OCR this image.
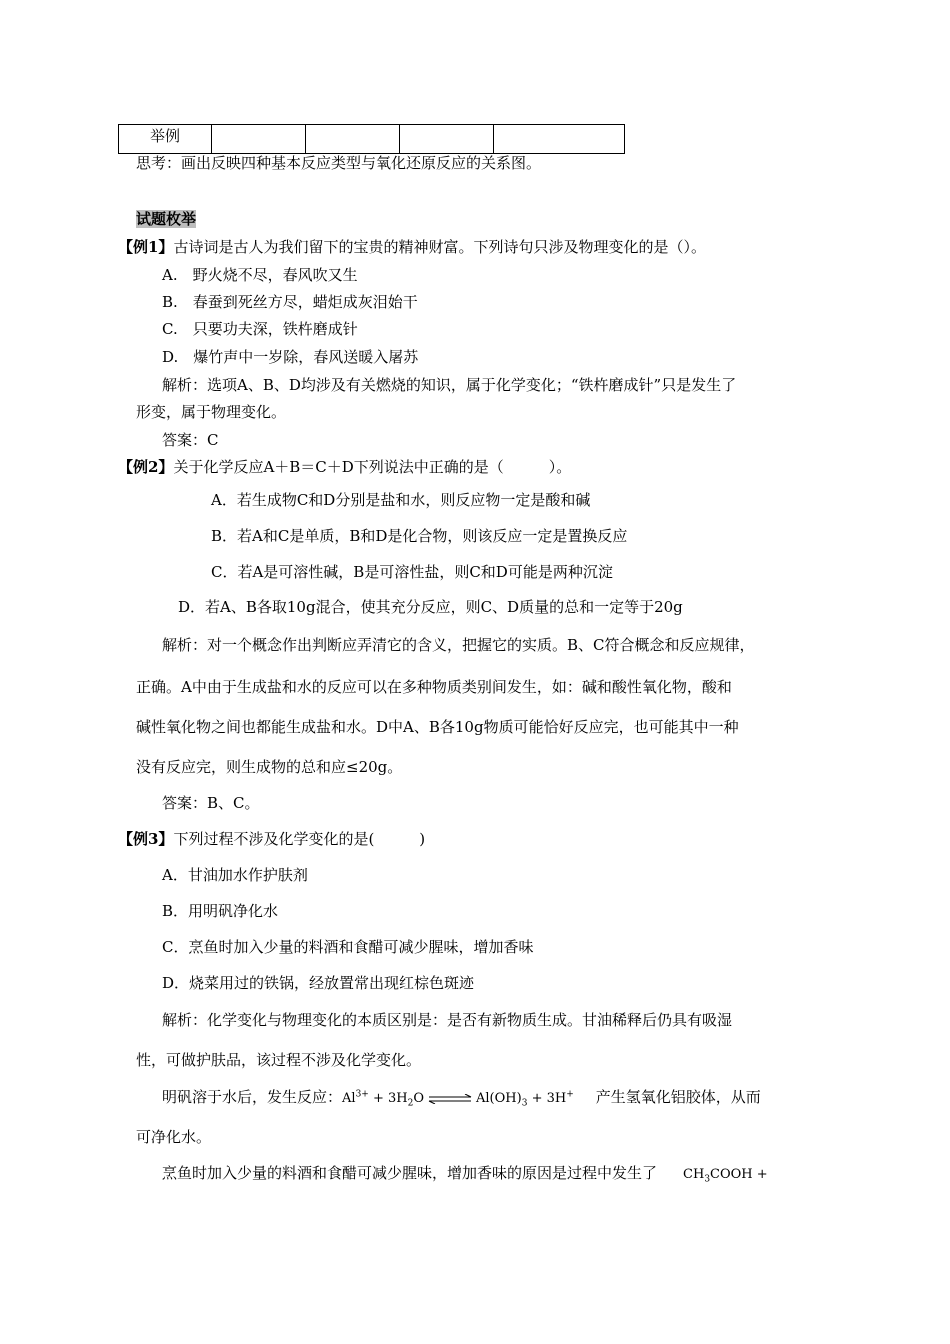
举例				
思考：画出反映四种基本反应类型与氧化还原反应的关系图。
试题枚举
【例1】古诗词是古人为我们留下的宝贵的精神财富。下列诗句只涉及物理变化的是（）。
A.　野火烧不尽，春风吹又生
B.　春蚕到死丝方尽，蜡炬成灰泪始干
C.　只要功夫深，铁杵磨成针
D.　爆竹声中一岁除，春风送暖入屠苏
解析：选项A、B、D均涉及有关燃烧的知识，属于化学变化；“铁杵磨成针”只是发生了
形变，属于物理变化。
答案：C
【例2】关于化学反应A＋B＝C＋D下列说法中正确的是（　　　）。
A．若生成物C和D分别是盐和水，则反应物一定是酸和碱
B．若A和C是单质，B和D是化合物，则该反应一定是置换反应
C．若A是可溶性碱，B是可溶性盐，则C和D可能是两种沉淀
D．若A、B各取10g混合，使其充分反应，则C、D质量的总和一定等于20g
解析：对一个概念作出判断应弄清它的含义，把握它的实质。B、C符合概念和反应规律，
正确。A中由于生成盐和水的反应可以在多种物质类别间发生，如：碱和酸性氧化物，酸和
碱性氧化物之间也都能生成盐和水。D中A、B各10g物质可能恰好反应完，也可能其中一种
没有反应完，则生成物的总和应≤20g。
答案：B、C。
【例3】下列过程不涉及化学变化的是(　　　)
A．甘油加水作护肤剂
B．用明矾净化水
C．烹鱼时加入少量的料酒和食醋可减少腥味，增加香味
D．烧菜用过的铁锅，经放置常出现红棕色斑迹
解析：化学变化与物理变化的本质区别是：是否有新物质生成。甘油稀释后仍具有吸湿
性，可做护肤品，该过程不涉及化学变化。
明矾溶于水后，发生反应：$Al^{3+} + 3H_2O$ ⇌ $Al(OH)_3 + 3H^+$ 产生氢氧化铝胶体，从而
可净化水。
烹鱼时加入少量的料酒和食醋可减少腥味，增加香味的原因是过程中发生了 $CH_3COOH$ +
